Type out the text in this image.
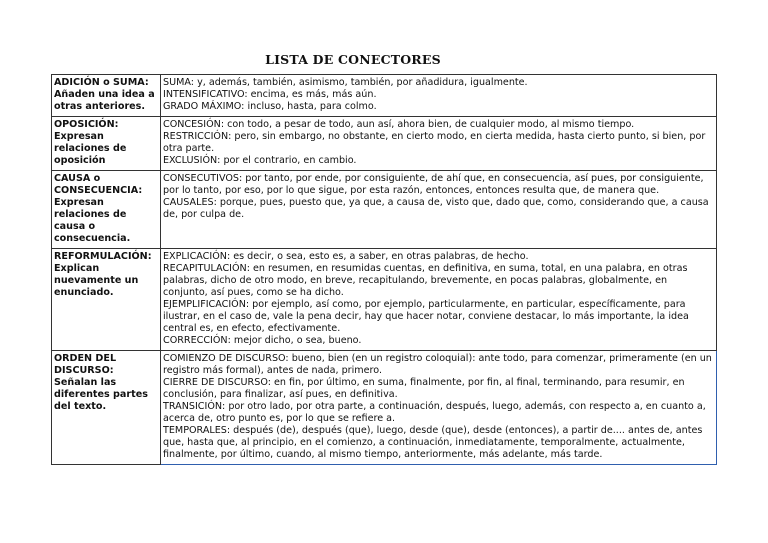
LISTA DE CONECTORES
ADICIÓN o SUMA:
Añaden una idea a otras anteriores.	SUMA: y, además, también, asimismo, también, por añadidura, igualmente.
INTENSIFICATIVO: encima, es más, más aún.
GRADO MÁXIMO: incluso, hasta, para colmo.

OPOSICIÓN:
Expresan relaciones de oposición	CONCESIÓN: con todo, a pesar de todo, aun así, ahora bien, de cualquier modo, al mismo tiempo.
RESTRICCIÓN: pero, sin embargo, no obstante, en cierto modo, en cierta medida, hasta cierto punto, si bien, por otra parte.
EXCLUSIÓN: por el contrario, en cambio.

CAUSA o CONSECUENCIA:
Expresan relaciones de causa o consecuencia.	CONSECUTIVOS: por tanto, por ende, por consiguiente, de ahí que, en consecuencia, así pues, por consiguiente, por lo tanto, por eso, por lo que sigue, por esta razón, entonces, entonces resulta que, de manera que.
CAUSALES: porque, pues, puesto que, ya que, a causa de, visto que, dado que, como, considerando que, a causa de, por culpa de.

REFORMULACIÓN:
Explican nuevamente un enunciado.	EXPLICACIÓN: es decir, o sea, esto es, a saber, en otras palabras, de hecho.
RECAPITULACIÓN: en resumen, en resumidas cuentas, en definitiva, en suma, total, en una palabra, en otras palabras, dicho de otro modo, en breve, recapitulando, brevemente, en pocas palabras, globalmente, en conjunto, así pues, como se ha dicho.
EJEMPLIFICACIÓN: por ejemplo, así como, por ejemplo, particularmente, en particular, específicamente, para ilustrar, en el caso de, vale la pena decir, hay que hacer notar, conviene destacar, lo más importante, la idea central es, en efecto, efectivamente.
CORRECCIÓN: mejor dicho, o sea, bueno.

ORDEN DEL DISCURSO:
Señalan las diferentes partes del texto.	COMIENZO DE DISCURSO: bueno, bien (en un registro coloquial): ante todo, para comenzar, primeramente (en un registro más formal), antes de nada, primero.
CIERRE DE DISCURSO: en fin, por último, en suma, finalmente, por fin, al final, terminando, para resumir, en conclusión, para finalizar, así pues, en definitiva.
TRANSICIÓN: por otro lado, por otra parte, a continuación, después, luego, además, con respecto a, en cuanto a, acerca de, otro punto es, por lo que se refiere a.
TEMPORALES: después (de), después (que), luego, desde (que), desde (entonces), a partir de.... antes de, antes que, hasta que, al principio, en el comienzo, a continuación, inmediatamente, temporalmente, actualmente, finalmente, por último, cuando, al mismo tiempo, anteriormente, más adelante, más tarde.
